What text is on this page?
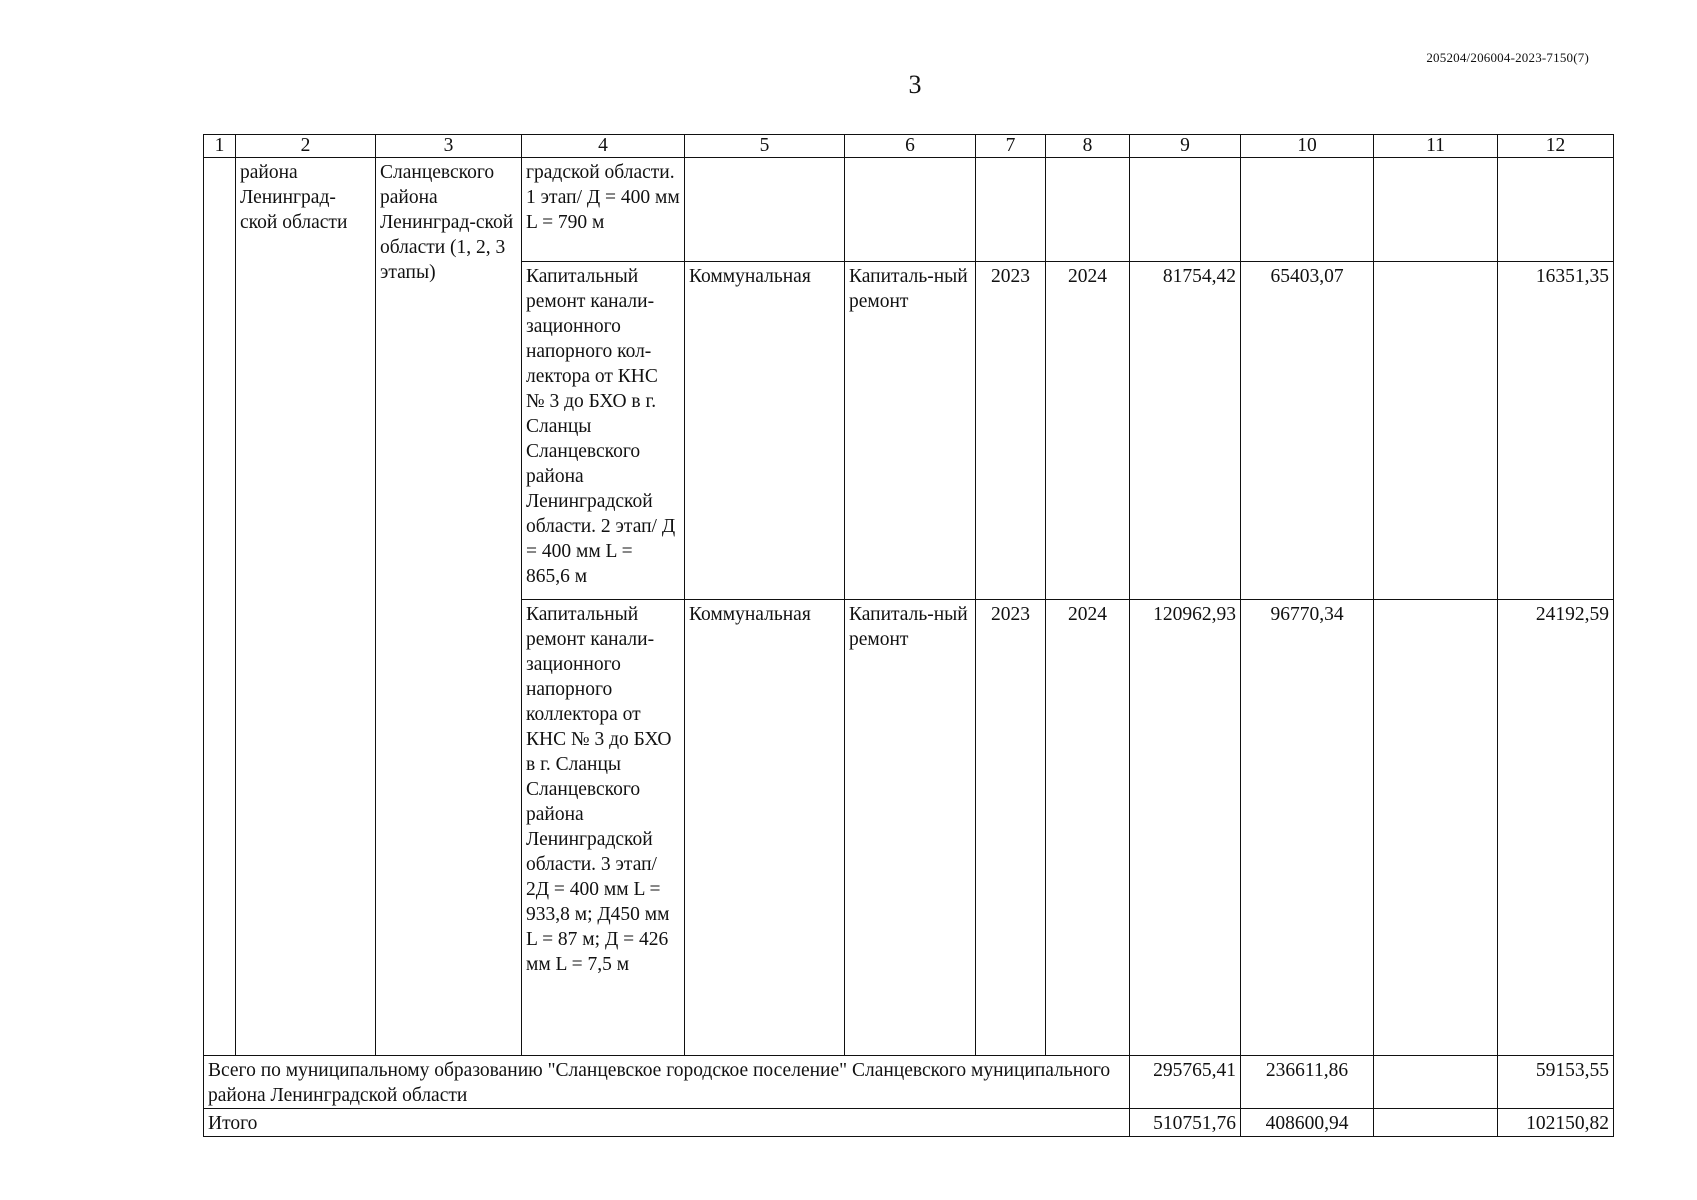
205204/206004-2023-7150(7)
3
1	2	3	4	5	6	7	8	9	10	11	12
	района Ленинград-ской области	Сланцевского района Ленинград-ской области (1, 2, 3 этапы)	градской области. 1 этап/ Д = 400 мм L = 790 м								
			Капитальный ремонт канали-зационного напорного кол-лектора от КНС № 3 до БХО в г. Сланцы Сланцевского района Ленинградской области. 2 этап/ Д = 400 мм L = 865,6 м	Коммунальная	Капиталь-ный ремонт	2023	2024	81754,42	65403,07		16351,35
			Капитальный ремонт канали-зационного напорного коллектора от КНС № 3 до БХО в г. Сланцы Сланцевского района Ленинградской области. 3 этап/ 2Д = 400 мм L = 933,8 м; Д450 мм L = 87 м; Д = 426 мм L = 7,5 м	Коммунальная	Капиталь-ный ремонт	2023	2024	120962,93	96770,34		24192,59
Всего по муниципальному образованию "Сланцевское городское поселение" Сланцевского муниципального района Ленинградской области								295765,41	236611,86		59153,55
Итого								510751,76	408600,94		102150,82
